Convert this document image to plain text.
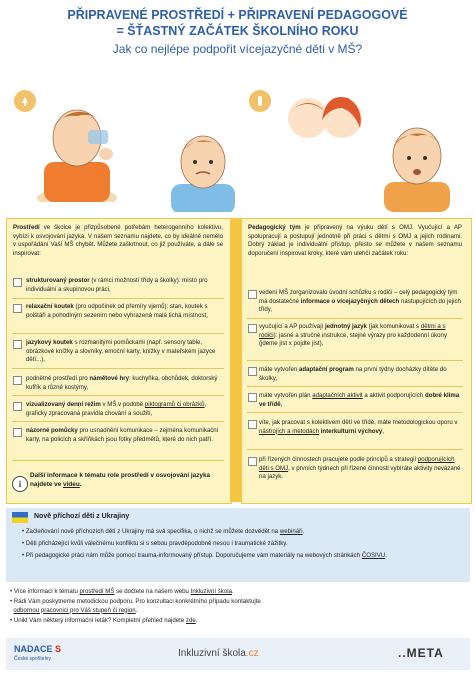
PŘIPRAVENÉ PROSTŘEDÍ + PŘIPRAVENÍ PEDAGOGOVÉ
= ŠŤASTNÝ ZAČÁTEK ŠKOLNÍHO ROKU
Jak co nejlépe podpořit vícejazyčné děti v MŠ?
Prostředí ve školce je přizpůsobené potřebám heterogenního kolektivu, vybízí k osvojování jazyka. V našem seznamu najdete, co by ideálně nemělo v uspořádání Vaší MŠ chybět. Můžete zaškrtnout, co již používáte, a dále se inspirovat:
strukturovaný prostor (v rámci možností třídy a školky): místo pro individuální a skupinovou práci,
relaxační koutek (pro odpočinek od přemíry vjemů): stan, koutek s polštáři a pohodlným sezením nebo vyhrazená malá tichá místnost,
jazykový koutek s rozmanitými pomůckami (např. sensory table, obrázkové knížky a slovníky, emoční karty, knížky v mateřském jazyce dětí...),
podnětné prostředí pro námětové hry: kuchyňka, obchůdek, doktorský kufřík a různé kostýmy,
vizualizovaný denní režim v MŠ v podobě piktogramů či obrázků, graficky zpracovaná pravidla chování a soužití,
názorné pomůcky pro usnadnění komunikace – zejména komunikační karty, na policích a skříňkách jsou fotky předmětů, které do nich patří.
i
Další informace k tématu role prostředí v osvojování jazyka najdete ve videu.
Pedagogický tým je připravený na výuku dětí s OMJ. Vyučující a AP spolupracují a postupují jednotně při práci s dětmi s OMJ a jejich rodinami. Dobrý základ je individuální přístup, přesto se můžete v našem seznamu doporučení inspirovat kroky, které vám ulehčí začátek roku:
vedení MŠ zorganizovalo úvodní schůzku s rodiči – celý pedagogický tým má dostatečné informace o vícejazyčných dětech nastupujících do jejich třídy,
vyučující a AP používají jednotný jazyk (jak komunikovat s dětmi a s rodiči): jasné a stručné instrukce, stejné výrazy pro každodenní úkony (jdeme jíst x pojdte jíst),
máte vytvořen adaptační program na první týdny docházky dítěte do školky,
máte vytvořen plán adaptačních aktivit a aktivit podporujících dobré klima ve třídě,
víte, jak pracovat s kolektivem dětí ve třídě, máte metodologickou oporu v nástrojích a metodách interkulturní výchovy,
při řízených činnostech pracujete podle principů a strategií podporujících děti s OMJ, v prvních týdnech při řízené činnosti vybíráte aktivity nevázané na jazyk.
Nově příchozí děti z Ukrajiny
• Začleňování nově příchozích dětí z Ukrajiny má svá specifika, o nichž se můžete dozvědět na webináři.
• Děti přicházející kvůli válečnému konfliktu si s sebou pravděpodobně nesou i traumatické zážitky.
• Při pedagogické práci nám může pomoci trauma-informovaný přístup. Doporučujeme vám materiály na webových stránkách ČOSIVU.
• Více informací k tématu prostředí MŠ se dočtete na našem webu Inkluzivní škola.
• Rádi Vám poskytneme metodickou podporu. Pro konzultaci konkrétního případu kontaktujte
odbornou pracovnici pro Váš stupeň či region.
• Unikl Vám některý informační leták? Kompletní přehled najdete zde.
NADACE S
České spořitelny	Inkluzivní škola.cz	..META
